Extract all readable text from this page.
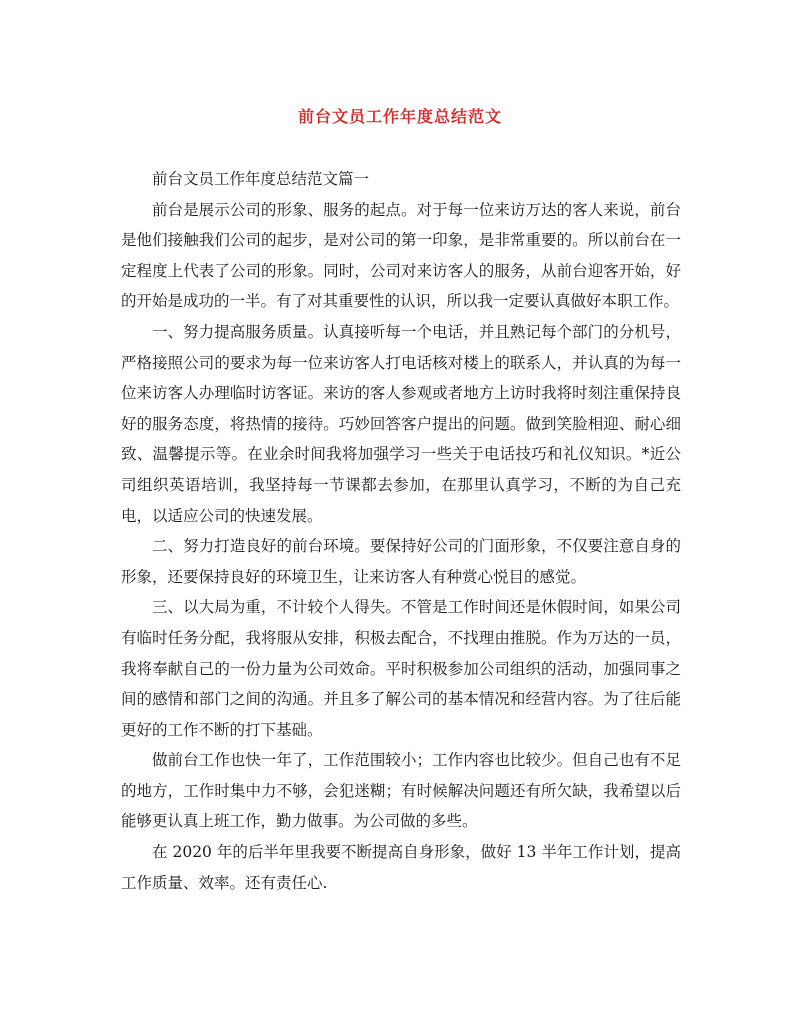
前台文员工作年度总结范文

前台文员工作年度总结范文篇一

前台是展示公司的形象、服务的起点。对于每一位来访万达的客人来说，前台是他们接触我们公司的起步，是对公司的第一印象，是非常重要的。所以前台在一定程度上代表了公司的形象。同时，公司对来访客人的服务，从前台迎客开始，好的开始是成功的一半。有了对其重要性的认识，所以我一定要认真做好本职工作。

一、努力提高服务质量。认真接听每一个电话，并且熟记每个部门的分机号，严格接照公司的要求为每一位来访客人打电话核对楼上的联系人，并认真的为每一位来访客人办理临时访客证。来访的客人参观或者地方上访时我将时刻注重保持良好的服务态度，将热情的接待。巧妙回答客户提出的问题。做到笑脸相迎、耐心细致、温馨提示等。在业余时间我将加强学习一些关于电话技巧和礼仪知识。*近公司组织英语培训，我坚持每一节课都去参加，在那里认真学习，不断的为自己充电，以适应公司的快速发展。

二、努力打造良好的前台环境。要保持好公司的门面形象，不仅要注意自身的形象，还要保持良好的环境卫生，让来访客人有种赏心悦目的感觉。

三、以大局为重，不计较个人得失。不管是工作时间还是休假时间，如果公司有临时任务分配，我将服从安排，积极去配合，不找理由推脱。作为万达的一员，我将奉献自己的一份力量为公司效命。平时积极参加公司组织的活动，加强同事之间的感情和部门之间的沟通。并且多了解公司的基本情况和经营内容。为了往后能更好的工作不断的打下基础。

做前台工作也快一年了，工作范围较小；工作内容也比较少。但自己也有不足的地方，工作时集中力不够，会犯迷糊；有时候解决问题还有所欠缺，我希望以后能够更认真上班工作，勤力做事。为公司做的多些。

在 2020 年的后半年里我要不断提高自身形象，做好 13 半年工作计划，提高工作质量、效率。还有责任心.
